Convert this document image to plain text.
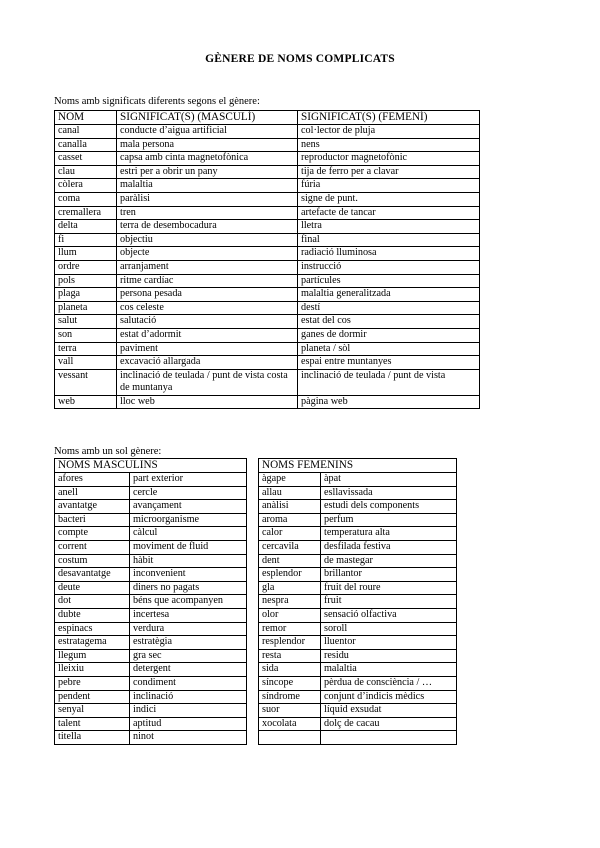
GÈNERE DE NOMS COMPLICATS
Noms amb significats diferents segons el gènere:
NOM	SIGNIFICAT(S) (MASCULÍ)	SIGNIFICAT(S) (FEMENÍ)
canal	conducte d’aigua artificial	col·lector de pluja
canalla	mala persona	nens
casset	capsa amb cinta magnetofònica	reproductor magnetofònic
clau	estri per a obrir un pany	tija de ferro per a clavar
còlera	malaltia	fúria
coma	paràlisi	signe de punt.
cremallera	tren	artefacte de tancar
delta	terra de desembocadura	lletra
fi	objectiu	final
llum	objecte	radiació lluminosa
ordre	arranjament	instrucció
pols	ritme cardíac	partícules
plaga	persona pesada	malaltia generalitzada
planeta	cos celeste	destí
salut	salutació	estat del cos
son	estat d’adormit	ganes de dormir
terra	paviment	planeta / sòl
vall	excavació allargada	espai entre muntanyes
vessant	inclinació de teulada / punt de vista costa de muntanya	inclinació de teulada / punt de vista
web	lloc web	pàgina web
Noms amb un sol gènere:
NOMS MASCULINS	
afores	part exterior
anell	cercle
avantatge	avançament
bacteri	microorganisme
compte	càlcul
corrent	moviment de fluid
costum	hàbit
desavantatge	inconvenient
deute	diners no pagats
dot	béns que acompanyen
dubte	incertesa
espinacs	verdura
estratagema	estratègia
llegum	gra sec
lleixiu	detergent
pebre	condiment
pendent	inclinació
senyal	indici
talent	aptitud
titella	ninot
NOMS FEMENINS	
àgape	àpat
allau	esllavissada
anàlisi	estudi dels components
aroma	perfum
calor	temperatura alta
cercavila	desfilada festiva
dent	de mastegar
esplendor	brillantor
gla	fruit del roure
nespra	fruit
olor	sensació olfactiva
remor	soroll
resplendor	lluentor
resta	residu
sida	malaltia
síncope	pèrdua de consciència / …
síndrome	conjunt d’indicis mèdics
suor	líquid exsudat
xocolata	dolç de cacau
